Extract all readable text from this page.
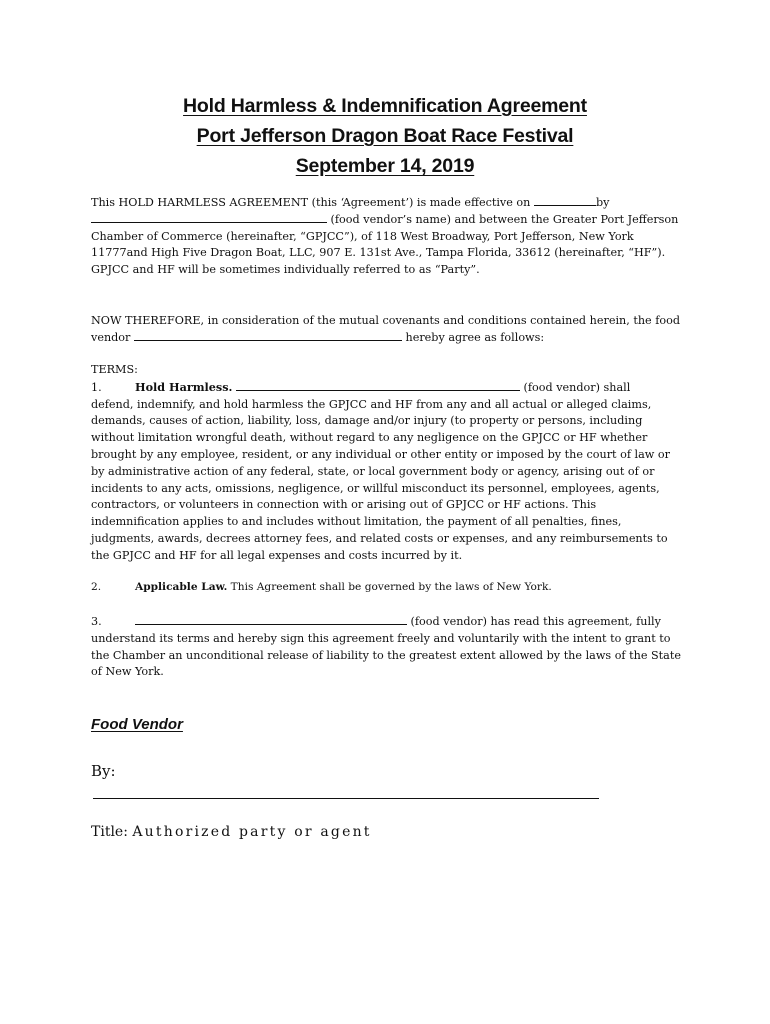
Hold Harmless & Indemnification Agreement
Port Jefferson Dragon Boat Race Festival
September 14, 2019
This HOLD HARMLESS AGREEMENT (this ‘Agreement’) is made effective on	by
(food vendor’s name) and between the Greater Port Jefferson Chamber of Commerce (hereinafter, “GPJCC”), of 118 West Broadway, Port Jefferson, New York 11777and High Five Dragon Boat, LLC, 907 E. 131st Ave., Tampa Florida, 33612 (hereinafter, “HF”). GPJCC and HF will be sometimes individually referred to as “Party”.
NOW THEREFORE, in consideration of the mutual covenants and conditions contained herein, the food vendor	hereby agree as follows:
TERMS:
1.	Hold Harmless.	(food vendor) shall
defend, indemnify, and hold harmless the GPJCC and HF from any and all actual or alleged claims, demands, causes of action, liability, loss, damage and/or injury (to property or persons, including without limitation wrongful death, without regard to any negligence on the GPJCC or HF whether brought by any employee, resident, or any individual or other entity or imposed by the court of law or by administrative action of any federal, state, or local government body or agency, arising out of or incidents to any acts, omissions, negligence, or willful misconduct its personnel, employees, agents, contractors, or volunteers in connection with or arising out of GPJCC or HF actions. This indemnification applies to and includes without limitation, the payment of all penalties, fines, judgments, awards, decrees attorney fees, and related costs or expenses, and any reimbursements to the GPJCC and HF for all legal expenses and costs incurred by it.
2.	Applicable Law. This Agreement shall be governed by the laws of New York.
3.	(food vendor) has read this agreement, fully understand its terms and hereby sign this agreement freely and voluntarily with the intent to grant to the Chamber an unconditional release of liability to the greatest extent allowed by the laws of the State of New York.
Food Vendor
By:
Title: Authorized party or agent
